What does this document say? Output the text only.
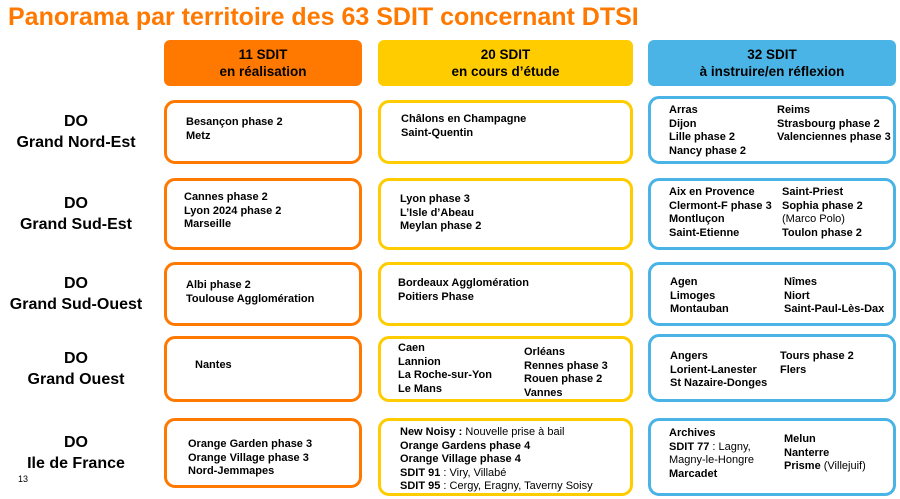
Panorama par territoire des 63 SDIT concernant DTSI
11 SDIT
en réalisation
20 SDIT
en cours d’étude
32 SDIT
à instruire/en réflexion
DO
Grand Nord-Est
DO
Grand Sud-Est
DO
Grand Sud-Ouest
DO
Grand Ouest
DO
Ile de France
Besançon phase 2
Metz
Châlons en Champagne
Saint-Quentin
Arras
Dijon
Lille phase 2
Nancy phase 2
Reims
Strasbourg phase 2
Valenciennes phase 3
Cannes phase 2
Lyon 2024 phase 2
Marseille
Lyon phase 3
L’Isle d’Abeau
Meylan phase 2
Aix en Provence
Clermont-F phase 3
Montluçon
Saint-Etienne
Saint-Priest
Sophia phase 2
(Marco Polo)
Toulon phase 2
Albi phase 2
Toulouse Agglomération
Bordeaux Agglomération
Poitiers Phase
Agen
Limoges
Montauban
Nîmes
Niort
Saint-Paul-Lès-Dax
Nantes
Caen
Lannion
La Roche-sur-Yon
Le Mans
Orléans
Rennes phase 3
Rouen phase 2
Vannes
Angers
Lorient-Lanester
St Nazaire-Donges
Tours phase 2
Flers
Orange Garden phase 3
Orange Village phase 3
Nord-Jemmapes
New Noisy : Nouvelle prise à bail
Orange Gardens phase 4
Orange Village phase 4
SDIT 91 : Viry, Villabé
SDIT 95 : Cergy, Eragny, Taverny Soisy
Archives
SDIT 77 : Lagny,
Magny-le-Hongre
Marcadet
Melun
Nanterre
Prisme (Villejuif)
13
